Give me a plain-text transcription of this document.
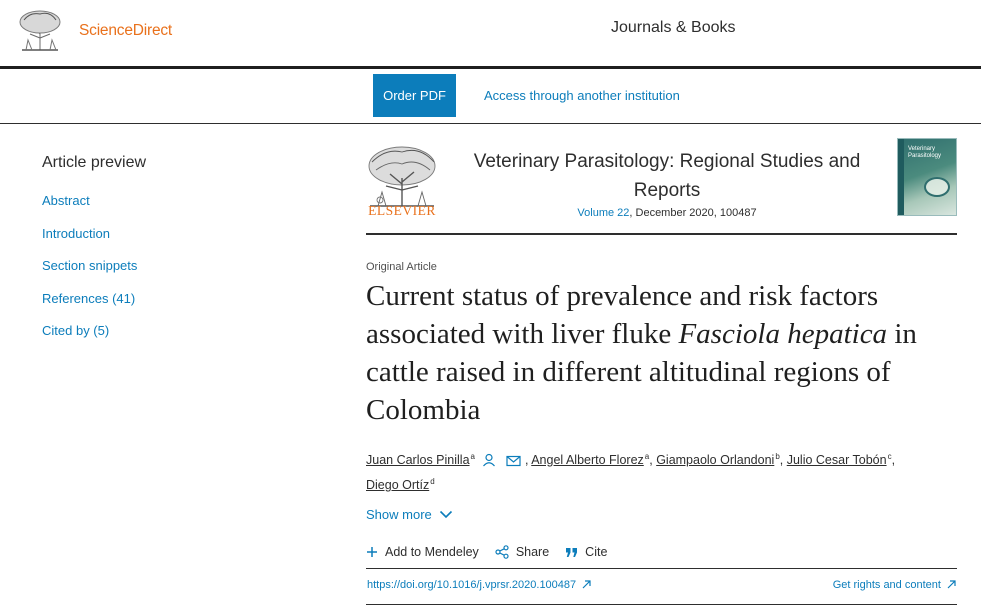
ScienceDirect	Journals & Books
Order PDF	Access through another institution
Article preview
Abstract
Introduction
Section snippets
References (41)
Cited by (5)
ELSEVIER
Veterinary Parasitology: Regional Studies and Reports
Volume 22, December 2020, 100487
Veterinary
Parasitology
Original Article
Current status of prevalence and risk factors associated with liver fluke Fasciola hepatica in cattle raised in different altitudinal regions of Colombia
Juan Carlos Pinilla$^a$	, Angel Alberto Florez$^a$, Giampaolo Orlandoni$^b$, Julio Cesar Tobón$^c$,
Diego Ortíz$^d$
Show more
Add to Mendeley	Share	Cite
https://doi.org/10.1016/j.vprsr.2020.100487	Get rights and content
